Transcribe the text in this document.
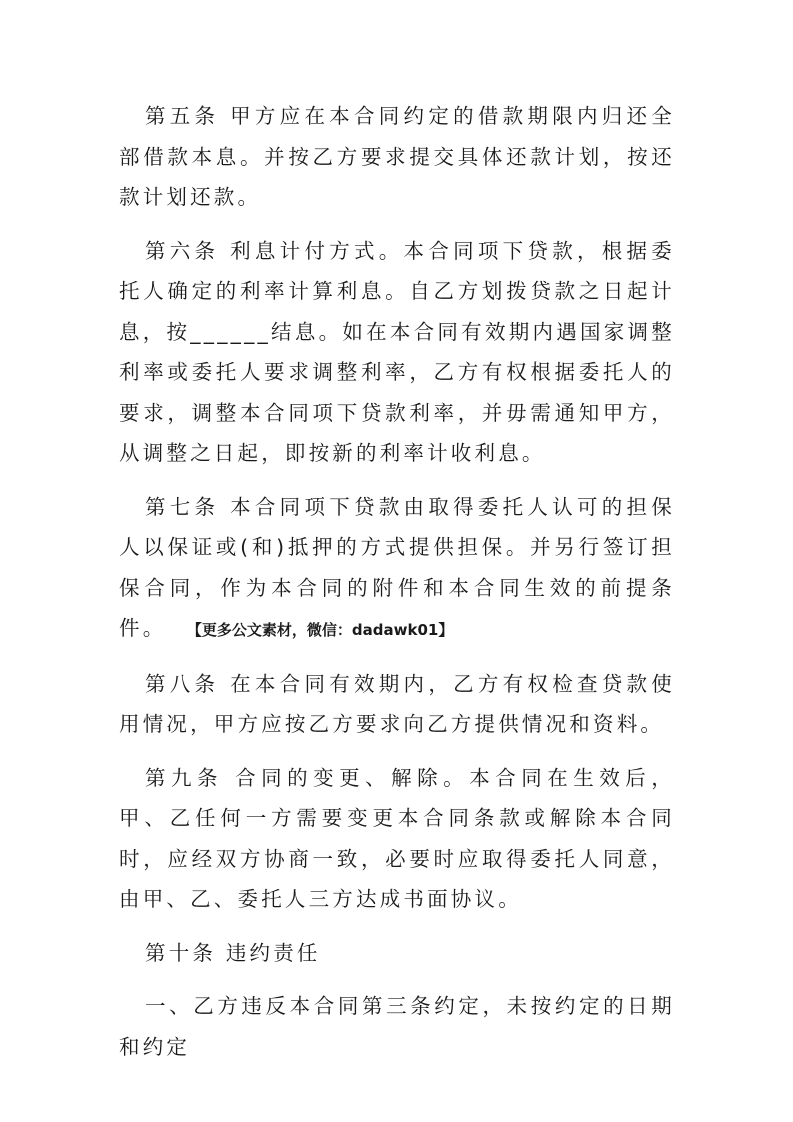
第五条 甲方应在本合同约定的借款期限内归还全部借款本息。并按乙方要求提交具体还款计划，按还款计划还款。

第六条 利息计付方式。本合同项下贷款，根据委托人确定的利率计算利息。自乙方划拨贷款之日起计息，按______结息。如在本合同有效期内遇国家调整利率或委托人要求调整利率，乙方有权根据委托人的要求，调整本合同项下贷款利率，并毋需通知甲方，从调整之日起，即按新的利率计收利息。

第七条 本合同项下贷款由取得委托人认可的担保人以保证或(和)抵押的方式提供担保。并另行签订担保合同，作为本合同的附件和本合同生效的前提条件。 【更多公文素材，微信：dadawk01】

第八条 在本合同有效期内，乙方有权检查贷款使用情况，甲方应按乙方要求向乙方提供情况和资料。

第九条 合同的变更、解除。本合同在生效后，甲、乙任何一方需要变更本合同条款或解除本合同时，应经双方协商一致，必要时应取得委托人同意，由甲、乙、委托人三方达成书面协议。

第十条 违约责任

一、乙方违反本合同第三条约定，未按约定的日期和约定
